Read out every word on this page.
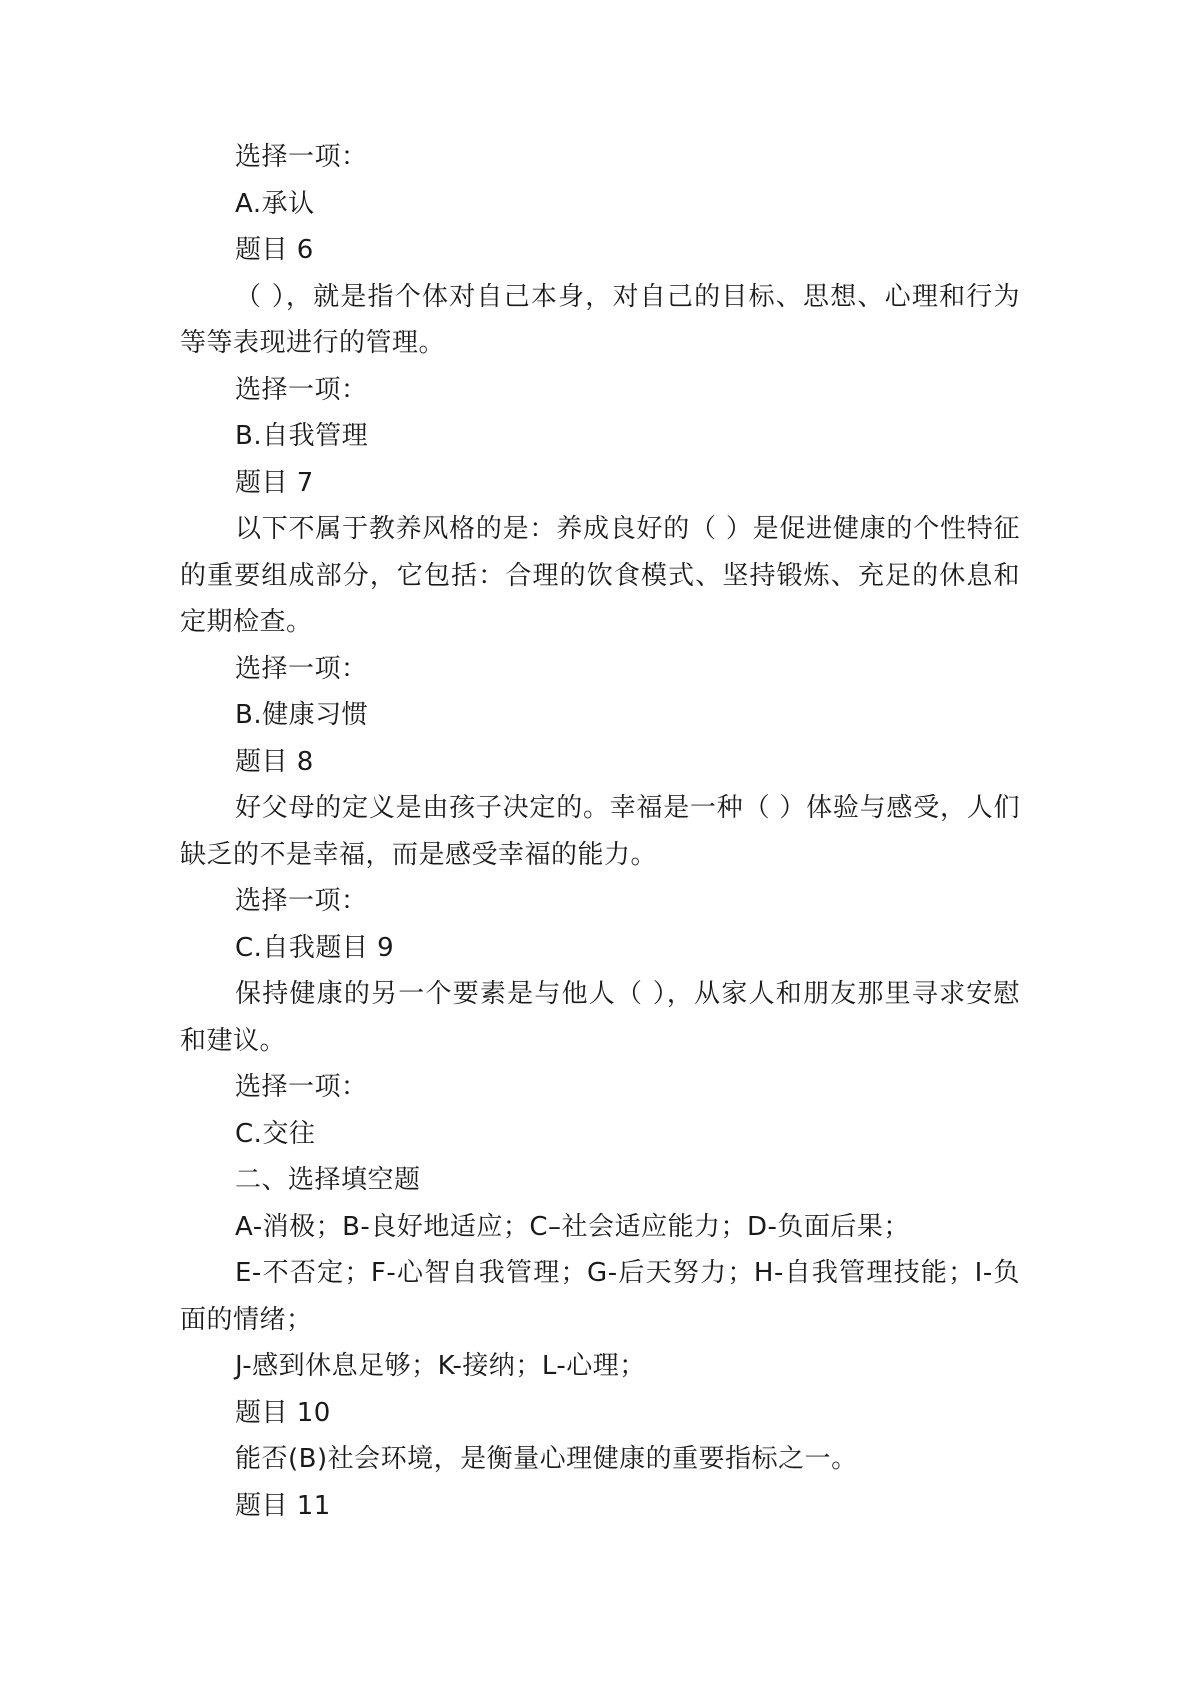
选择一项：

A.承认

题目 6

（ ），就是指个体对自己本身，对自己的目标、思想、心理和行为等等表现进行的管理。

选择一项：

B.自我管理

题目 7

以下不属于教养风格的是：养成良好的（ ）是促进健康的个性特征的重要组成部分，它包括：合理的饮食模式、坚持锻炼、充足的休息和定期检查。

选择一项：

B.健康习惯

题目 8

好父母的定义是由孩子决定的。幸福是一种（ ）体验与感受，人们缺乏的不是幸福，而是感受幸福的能力。

选择一项：

C.自我题目 9

保持健康的另一个要素是与他人（ ），从家人和朋友那里寻求安慰和建议。

选择一项：

C.交往

二、选择填空题

A-消极；B-良好地适应；C–社会适应能力；D-负面后果；

E-不否定；F-心智自我管理；G-后天努力；H-自我管理技能；I-负面的情绪；

J-感到休息足够；K-接纳；L-心理；

题目 10

能否(B)社会环境，是衡量心理健康的重要指标之一。

题目 11
